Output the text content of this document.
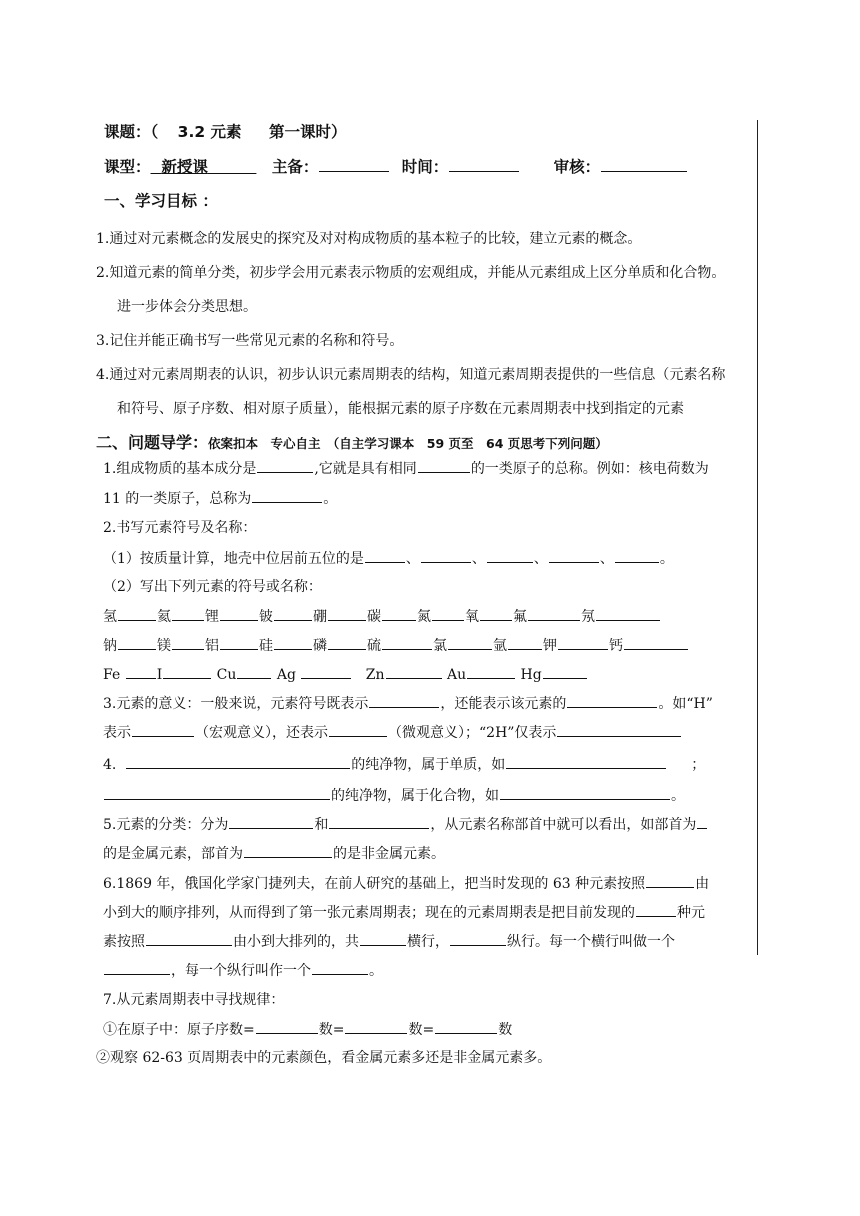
课题：（ 3.2 元素 第一课时）
课型： 新授课	主备：	时间：	审核：
一、学习目标 ：
1.通过对元素概念的发展史的探究及对对构成物质的基本粒子的比较，建立元素的概念。
2.知道元素的简单分类，初步学会用元素表示物质的宏观组成，并能从元素组成上区分单质和化合物。
进一步体会分类思想。
3.记住并能正确书写一些常见元素的名称和符号。
4.通过对元素周期表的认识，初步认识元素周期表的结构，知道元素周期表提供的一些信息（元素名称
和符号、原子序数、相对原子质量），能根据元素的原子序数在元素周期表中找到指定的元素
二、问题导学：依案扣本　专心自主　（自主学习课本　59 页至　64 页思考下列问题）
1.组成物质的基本成分是	,它就是具有相同	的一类原子的总称。例如：核电荷数为
11 的一类原子，总称为	。
2.书写元素符号及名称：
（1）按质量计算，地壳中位居前五位的是	、	、	、	、	。
（2）写出下列元素的符号或名称：
氢	氦 锂	铍	硼	碳	氮 氧 氟	氖
钠	镁 铝	硅	磷	硫	氯	氩	钾	钙
Fe	I	Cu	Ag	Zn	Au	Hg
3.元素的意义：一般来说，元素符号既表示	，还能表示该元素的	。如“H”
表示	（宏观意义），还表示	（微观意义）；“2H”仅表示
4.	的纯净物，属于单质，如	；
的纯净物，属于化合物，如	。
5.元素的分类：分为	和	，从元素名称部首中就可以看出，如部首为
的是金属元素，部首为	的是非金属元素。
6.1869 年，俄国化学家门捷列夫，在前人研究的基础上，把当时发现的 63 种元素按照	由
小到大的顺序排列，从而得到了第一张元素周期表；现在的元素周期表是把目前发现的	种元
素按照	由小到大排列的，共	横行，	纵行。每一个横行叫做一个
，每一个纵行叫作一个	。
7.从元素周期表中寻找规律：
①在原子中：原子序数=	数=	数=	数
②观察 62-63 页周期表中的元素颜色，看金属元素多还是非金属元素多。
